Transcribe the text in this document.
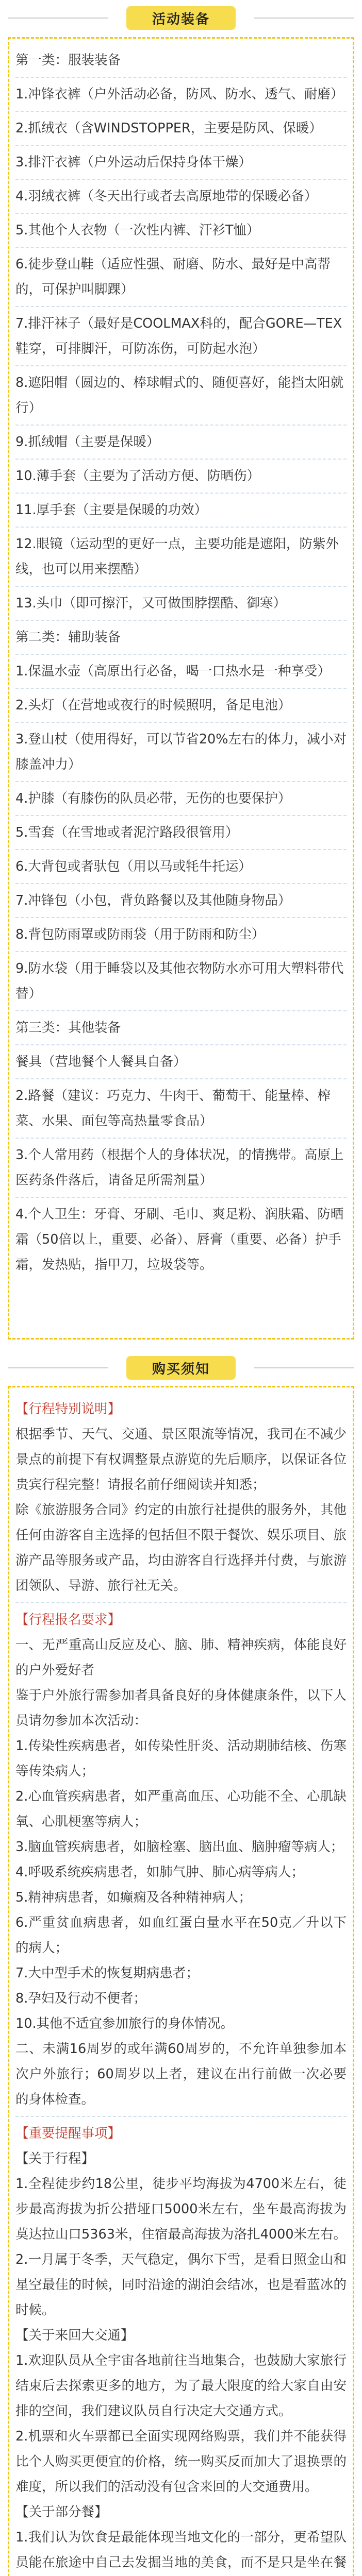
活动装备
第一类：服装装备

1.冲锋衣裤（户外活动必备，防风、防水、透气、耐磨）

2.抓绒衣（含WINDSTOPPER，主要是防风、保暖）

3.排汗衣裤（户外运动后保持身体干燥）

4.羽绒衣裤（冬天出行或者去高原地带的保暖必备）

5.其他个人衣物（一次性内裤、汗衫T恤）

6.徒步登山鞋（适应性强、耐磨、防水、最好是中高帮的，可保护叫脚踝）

7.排汗袜子（最好是COOLMAX科的，配合GORE—TEX鞋穿，可排脚汗，可防冻伤，可防起水泡）

8.遮阳帽（圆边的、棒球帽式的、随便喜好，能挡太阳就行）

9.抓绒帽（主要是保暖）

10.薄手套（主要为了活动方便、防晒伤）

11.厚手套（主要是保暖的功效）

12.眼镜（运动型的更好一点，主要功能是遮阳，防紫外线，也可以用来摆酷）

13.头巾（即可擦汗，又可做围脖摆酷、御寒）

第二类：辅助装备

1.保温水壶（高原出行必备，喝一口热水是一种享受）

2.头灯（在营地或夜行的时候照明，备足电池）

3.登山杖（使用得好，可以节省20%左右的体力，减小对膝盖冲力）

4.护膝（有膝伤的队员必带，无伤的也要保护）

5.雪套（在雪地或者泥泞路段很管用）

6.大背包或者驮包（用以马或牦牛托运）

7.冲锋包（小包，背负路餐以及其他随身物品）

8.背包防雨罩或防雨袋（用于防雨和防尘）

9.防水袋（用于睡袋以及其他衣物防水亦可用大塑料带代替）

第三类：其他装备

餐具（营地餐个人餐具自备）

2.路餐（建议：巧克力、牛肉干、葡萄干、能量棒、榨菜、水果、面包等高热量零食品）

3.个人常用药（根据个人的身体状况，的情携带。高原上医药条件落后，请备足所需剂量）

4.个人卫生：牙膏、牙刷、毛巾、爽足粉、润肤霜、防晒霜（50倍以上，重要、必备）、唇膏（重要、必备）护手霜，发热贴，指甲刀，垃圾袋等。

购买须知
【行程特别说明】

根据季节、天气、交通、景区限流等情况，我司在不减少景点的前提下有权调整景点游览的先后顺序，以保证各位贵宾行程完整！请报名前仔细阅读并知悉；

除《旅游服务合同》约定的由旅行社提供的服务外，其他任何由游客自主选择的包括但不限于餐饮、娱乐项目、旅游产品等服务或产品，均由游客自行选择并付费，与旅游团领队、导游、旅行社无关。

【行程报名要求】

一、无严重高山反应及心、脑、肺、精神疾病，体能良好的户外爱好者

鉴于户外旅行需参加者具备良好的身体健康条件，以下人员请勿参加本次活动：

1.传染性疾病患者，如传染性肝炎、活动期肺结核、伤寒等传染病人；

2.心血管疾病患者，如严重高血压、心功能不全、心肌缺氧、心肌梗塞等病人；

3.脑血管疾病患者，如脑栓塞、脑出血、脑肿瘤等病人；

4.呼吸系统疾病患者，如肺气肿、肺心病等病人；

5.精神病患者，如癫痫及各种精神病人；

6.严重贫血病患者，如血红蛋白量水平在50克／升以下的病人；

7.大中型手术的恢复期病患者；

8.孕妇及行动不便者；

10.其他不适宜参加旅行的身体情况。

二、未满16周岁的或年满60周岁的，不允许单独参加本次户外旅行；60周岁以上者，建议在出行前做一次必要的身体检查。

【重要提醒事项】
【关于行程】

1.全程徒步约18公里，徒步平均海拔为4700米左右，徒步最高海拔为折公措垭口5000米左右，坐车最高海拔为莫达拉山口5363米，住宿最高海拔为洛扎4000米左右。2.一月属于冬季，天气稳定，偶尔下雪，是看日照金山和星空最佳的时候，同时沿途的湖泊会结冰，也是看蓝冰的时候。

【关于来回大交通】

1.欢迎队员从全宇宙各地前往当地集合，也鼓励大家旅行结束后去探索更多的地方，为了最大限度的给大家自由安排的空间，我们建议队员自行决定大交通方式。

2.机票和火车票都已全面实现网络购票，我们并不能获得比个人购买更便宜的价格，统一购买反而加大了退换票的难度，所以我们的活动没有包含来回的大交通费用。

【关于部分餐】

1.我们认为饮食是最能体现当地文化的一部分，更希望队员能在旅途中自己去发掘当地的美食，而不是只是坐在餐
